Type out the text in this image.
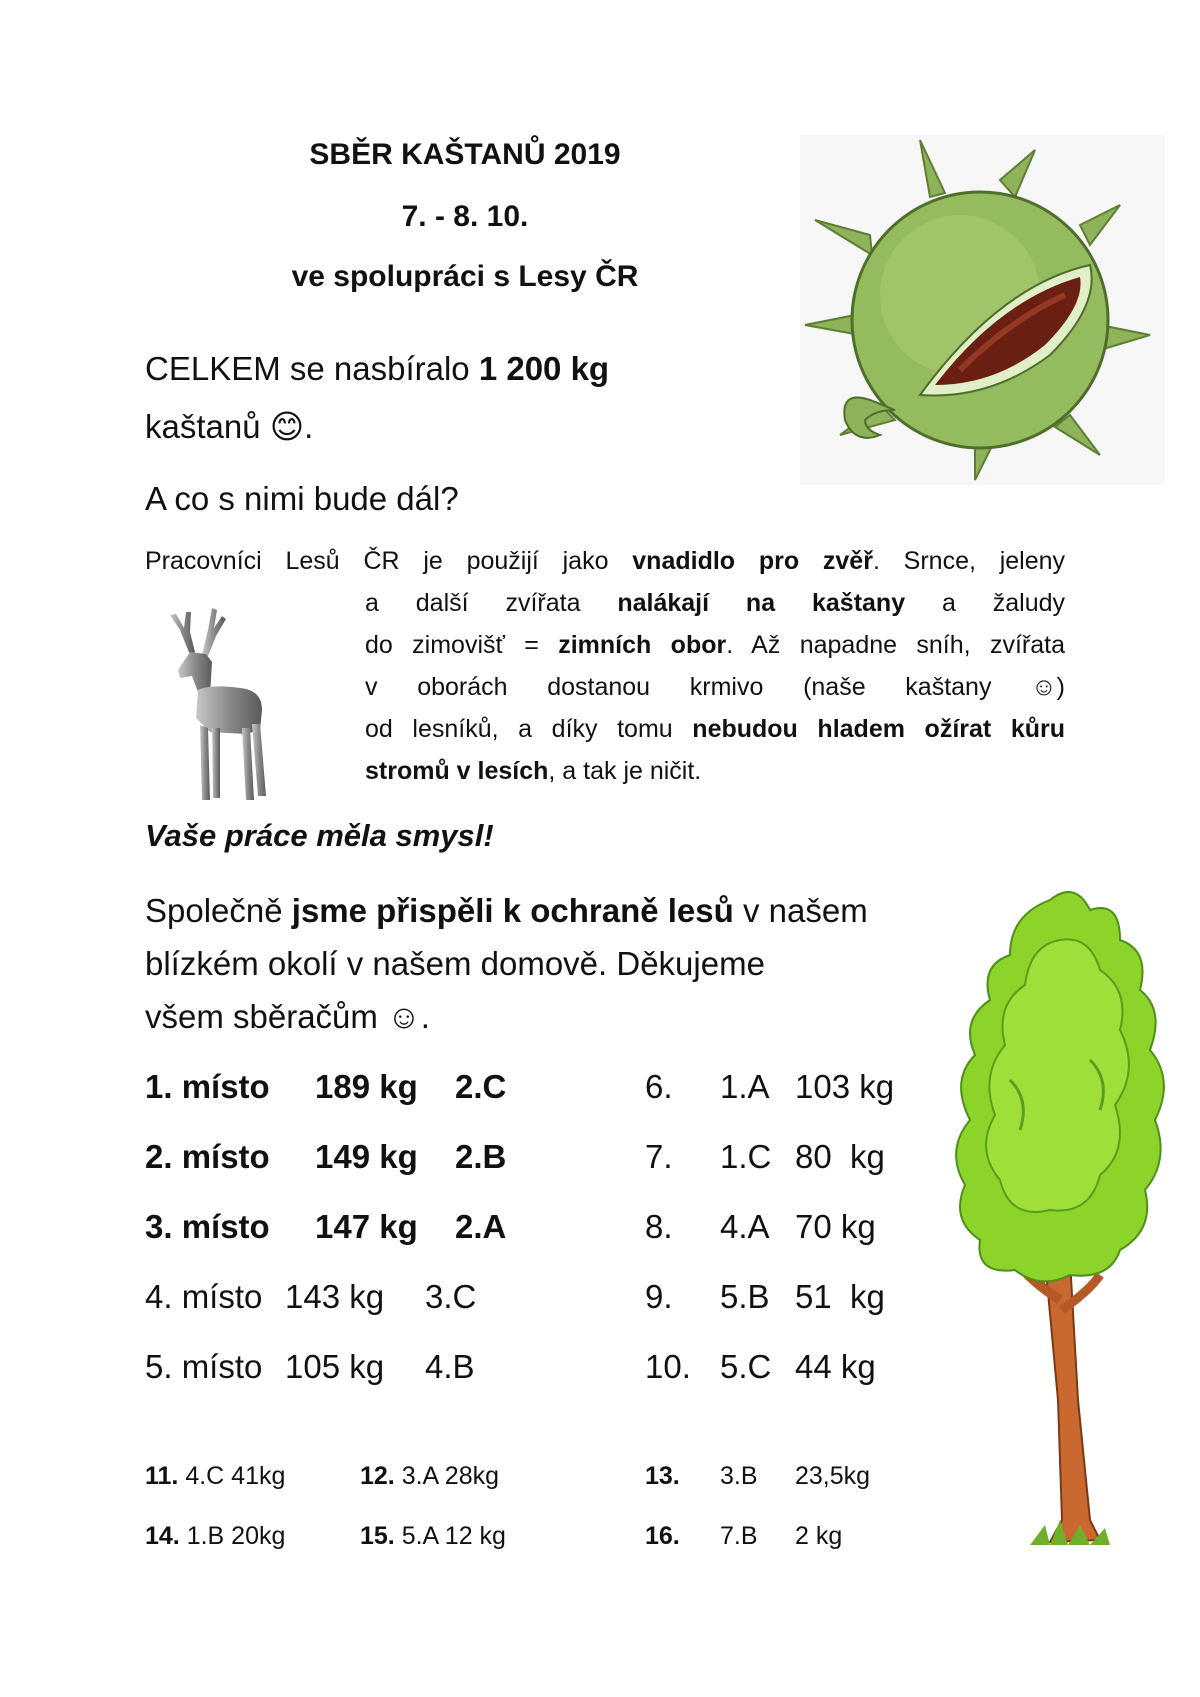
SBĚR KAŠTANŮ 2019
7. - 8. 10.
ve spolupráci s Lesy ČR
CELKEM se nasbíralo 1 200 kg
kaštanů 😊.
A co s nimi bude dál?
Pracovníci Lesů ČR je použijí jako vnadidlo pro zvěř. Srnce, jeleny
a další zvířata nalákají na kaštany a žaludy
do zimovišť = zimních obor. Až napadne sníh, zvířata
v oborách dostanou krmivo (naše kaštany ☺)
od lesníků, a díky tomu nebudou hladem ožírat kůru
stromů v lesích, a tak je ničit.
Vaše práce měla smysl!
Společně jsme přispěli k ochraně lesů v našem
blízkém okolí v našem domově. Děkujeme
všem sběračům ☺.
1. místo 189 kg 2.C
2. místo 149 kg 2.B
3. místo 147 kg 2.A
4. místo 143 kg 3.C
5. místo 105 kg 4.B
6. 1.A 103 kg
7. 1.C 80  kg
8. 4.A 70 kg
9. 5.B 51  kg
10. 5.C 44 kg
11. 4.C 41kg	12. 3.A 28kg	13. 3.B 23,5kg
14. 1.B 20kg	15. 5.A 12 kg	16. 7.B 2 kg
